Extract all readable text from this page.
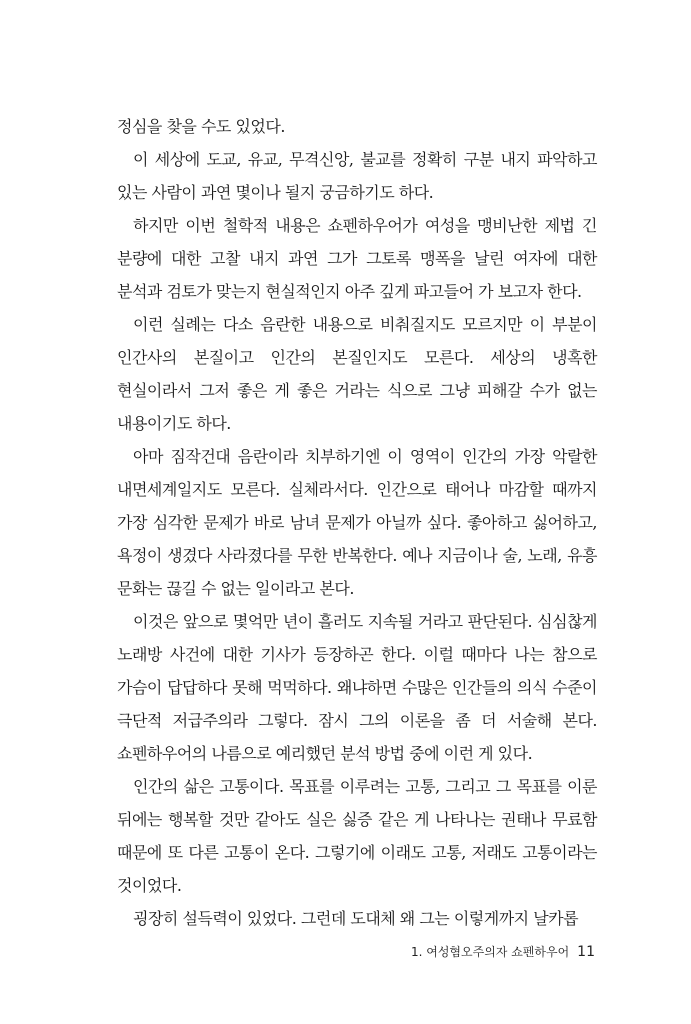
정심을 찾을 수도 있었다.

이 세상에 도교, 유교, 무격신앙, 불교를 정확히 구분 내지 파악하고 있는 사람이 과연 몇이나 될지 궁금하기도 하다.

하지만 이번 철학적 내용은 쇼펜하우어가 여성을 맹비난한 제법 긴 분량에 대한 고찰 내지 과연 그가 그토록 맹폭을 날린 여자에 대한 분석과 검토가 맞는지 현실적인지 아주 깊게 파고들어 가 보고자 한다.

이런 실례는 다소 음란한 내용으로 비춰질지도 모르지만 이 부분이 인간사의 본질이고 인간의 본질인지도 모른다. 세상의 냉혹한 현실이라서 그저 좋은 게 좋은 거라는 식으로 그냥 피해갈 수가 없는 내용이기도 하다.

아마 짐작건대 음란이라 치부하기엔 이 영역이 인간의 가장 악랄한 내면세계일지도 모른다. 실체라서다. 인간으로 태어나 마감할 때까지 가장 심각한 문제가 바로 남녀 문제가 아닐까 싶다. 좋아하고 싫어하고, 욕정이 생겼다 사라졌다를 무한 반복한다. 예나 지금이나 술, 노래, 유흥 문화는 끊길 수 없는 일이라고 본다.

이것은 앞으로 몇억만 년이 흘러도 지속될 거라고 판단된다. 심심찮게 노래방 사건에 대한 기사가 등장하곤 한다. 이럴 때마다 나는 참으로 가슴이 답답하다 못해 먹먹하다. 왜냐하면 수많은 인간들의 의식 수준이 극단적 저급주의라 그렇다. 잠시 그의 이론을 좀 더 서술해 본다. 쇼펜하우어의 나름으로 예리했던 분석 방법 중에 이런 게 있다.

인간의 삶은 고통이다. 목표를 이루려는 고통, 그리고 그 목표를 이룬 뒤에는 행복할 것만 같아도 실은 싫증 같은 게 나타나는 권태나 무료함 때문에 또 다른 고통이 온다. 그렇기에 이래도 고통, 저래도 고통이라는 것이었다.

굉장히 설득력이 있었다. 그런데 도대체 왜 그는 이렇게까지 날카롭

1. 여성혐오주의자 쇼펜하우어 11
